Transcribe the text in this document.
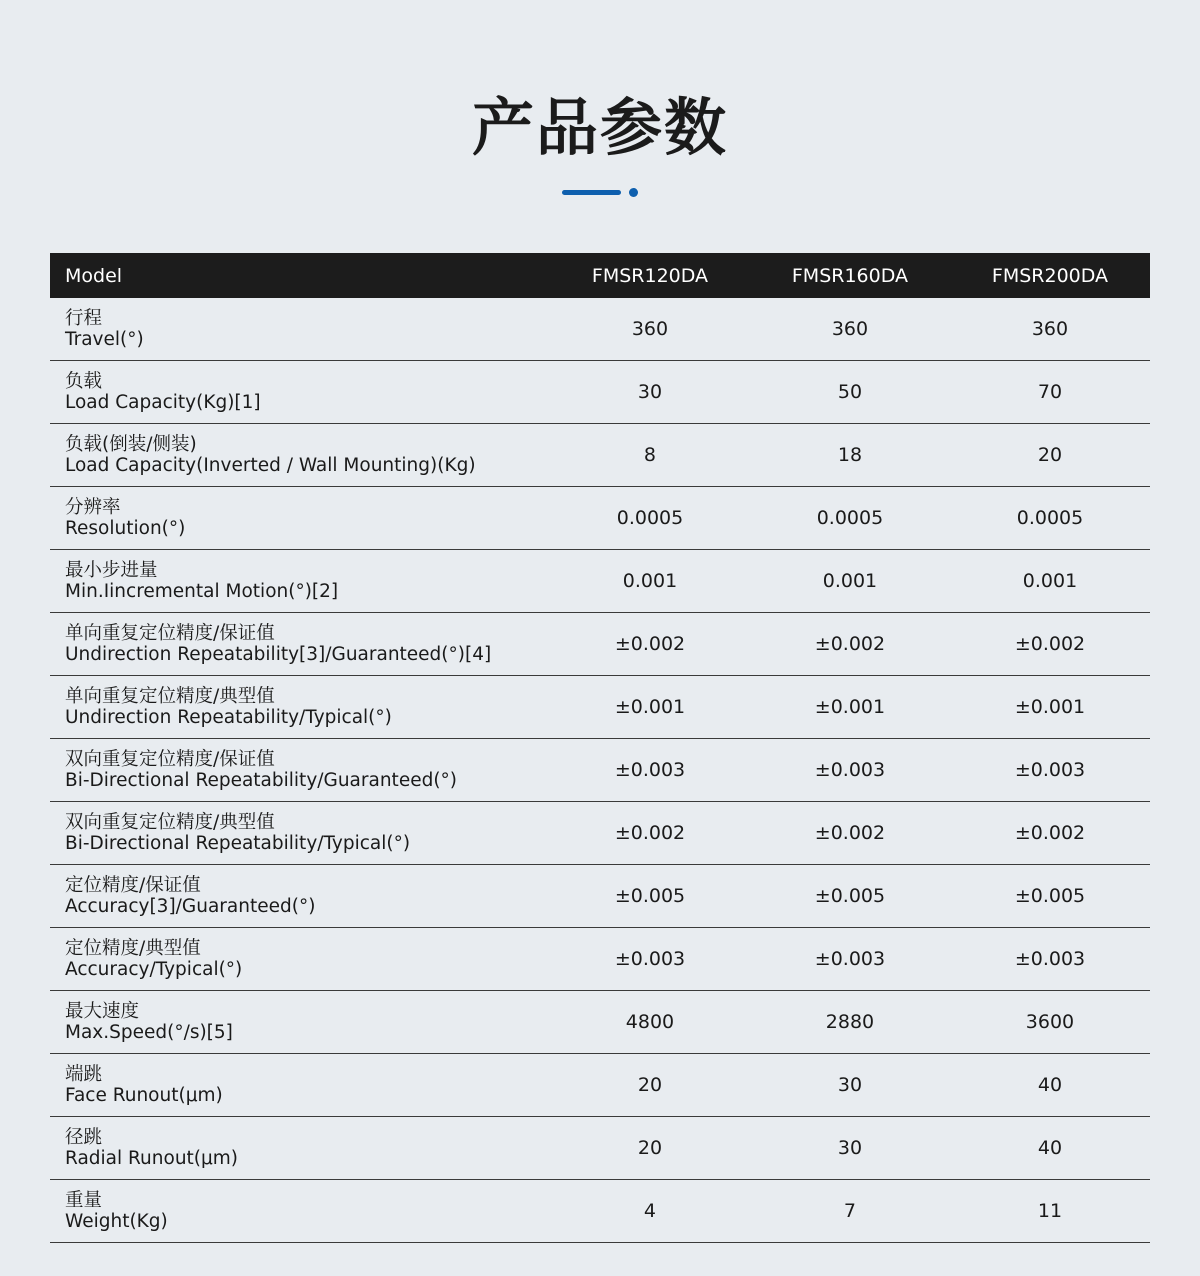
产品参数
Model	FMSR120DA	FMSR160DA	FMSR200DA

行程
Travel(°)	360	360	360

负载
Load Capacity(Kg)[1]	30	50	70

负载(倒装/侧装)
Load Capacity(Inverted / Wall Mounting)(Kg)	8	18	20

分辨率
Resolution(°)	0.0005	0.0005	0.0005

最小步进量
Min.Iincremental Motion(°)[2]	0.001	0.001	0.001

单向重复定位精度/保证值
Undirection Repeatability[3]/Guaranteed(°)[4]	±0.002	±0.002	±0.002

单向重复定位精度/典型值
Undirection Repeatability/Typical(°)	±0.001	±0.001	±0.001

双向重复定位精度/保证值
Bi-Directional Repeatability/Guaranteed(°)	±0.003	±0.003	±0.003

双向重复定位精度/典型值
Bi-Directional Repeatability/Typical(°)	±0.002	±0.002	±0.002

定位精度/保证值
Accuracy[3]/Guaranteed(°)	±0.005	±0.005	±0.005

定位精度/典型值
Accuracy/Typical(°)	±0.003	±0.003	±0.003

最大速度
Max.Speed(°/s)[5]	4800	2880	3600

端跳
Face Runout(μm)	20	30	40

径跳
Radial Runout(μm)	20	30	40

重量
Weight(Kg)	4	7	11
